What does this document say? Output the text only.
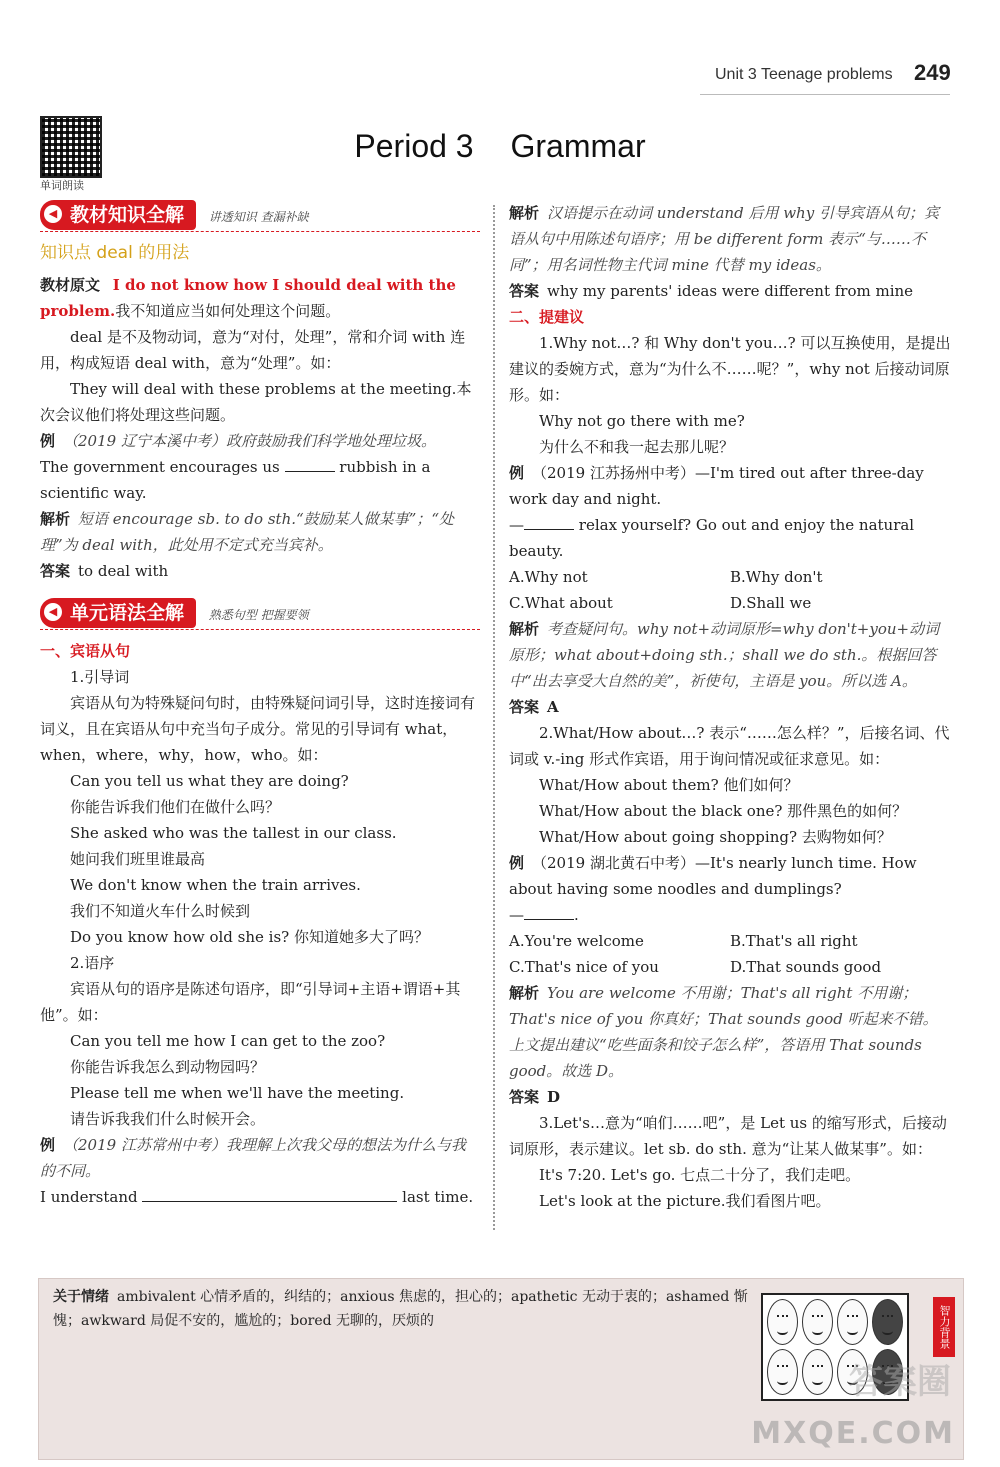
Unit 3 Teenage problems 249
单词朗读
Period 3 Grammar
◀ 教材知识全解 讲透知识 查漏补缺
知识点 deal 的用法

教材原文 I do not know how I should deal with the problem.我不知道应当如何处理这个问题。

deal 是不及物动词，意为“对付，处理”，常和介词 with 连用，构成短语 deal with，意为“处理”。如：

They will deal with these problems at the meeting.本次会议他们将处理这些问题。

例 （2019 辽宁本溪中考）政府鼓励我们科学地处理垃圾。
The government encourages us	rubbish in a scientific way.

解析 短语 encourage sb. to do sth.“鼓励某人做某事”；“处理”为 deal with，此处用不定式充当宾补。

答案 to deal with

◀ 单元语法全解 熟悉句型 把握要领

一、宾语从句

1.引导词

宾语从句为特殊疑问句时，由特殊疑问词引导，这时连接词有词义，且在宾语从句中充当句子成分。常见的引导词有 what，when，where，why，how，who。如：

Can you tell us what they are doing?

你能告诉我们他们在做什么吗？

She asked who was the tallest in our class.

她问我们班里谁最高

We don't know when the train arrives.

我们不知道火车什么时候到

Do you know how old she is? 你知道她多大了吗？

2.语序

宾语从句的语序是陈述句语序，即“引导词+主语+谓语+其他”。如：

Can you tell me how I can get to the zoo?

你能告诉我怎么到动物园吗？

Please tell me when we'll have the meeting.

请告诉我我们什么时候开会。

例 （2019 江苏常州中考）我理解上次我父母的想法为什么与我的不同。
I understand	last time.

解析 汉语提示在动词 understand 后用 why 引导宾语从句；宾语从句中用陈述句语序；用 be different form 表示“与……不同”；用名词性物主代词 mine 代替 my ideas。

答案 why my parents' ideas were different from mine

二、提建议

1.Why not…? 和 Why don't you…? 可以互换使用，是提出建议的委婉方式，意为“为什么不……呢？”，why not 后接动词原形。如：

Why not go there with me?

为什么不和我一起去那儿呢？

例 （2019 江苏扬州中考）—I'm tired out after three-day work day and night.
—	relax yourself? Go out and enjoy the natural beauty.

A.Why not	B.Why don't
C.What about	D.Shall we

解析 考查疑问句。why not+动词原形=why don't+you+动词原形；what about+doing sth.；shall we do sth.。根据回答中“出去享受大自然的美”，祈使句，主语是 you。所以选 A。

答案 A

2.What/How about…? 表示“……怎么样？”，后接名词、代词或 v.-ing 形式作宾语，用于询问情况或征求意见。如：

What/How about them? 他们如何？

What/How about the black one? 那件黑色的如何？

What/How about going shopping? 去购物如何？

例 （2019 湖北黄石中考）—It's nearly lunch time. How about having some noodles and dumplings?
—	.

A.You're welcome	B.That's all right
C.That's nice of you	D.That sounds good

解析 You are welcome 不用谢；That's all right 不用谢；That's nice of you 你真好；That sounds good 听起来不错。上文提出建议“吃些面条和饺子怎么样”，答语用 That sounds good。故选 D。

答案 D

3.Let's…意为“咱们……吧”，是 Let us 的缩写形式，后接动词原形，表示建议。let sb. do sth. 意为“让某人做某事”。如：

It's 7:20. Let's go. 七点二十分了，我们走吧。

Let's look at the picture.我们看图片吧。

关于情绪 ambivalent 心情矛盾的，纠结的；anxious 焦虑的，担心的；apathetic 无动于衷的；ashamed 惭愧；awkward 局促不安的，尴尬的；bored 无聊的，厌烦的	智力背景
答案圈
MXQE.COM
